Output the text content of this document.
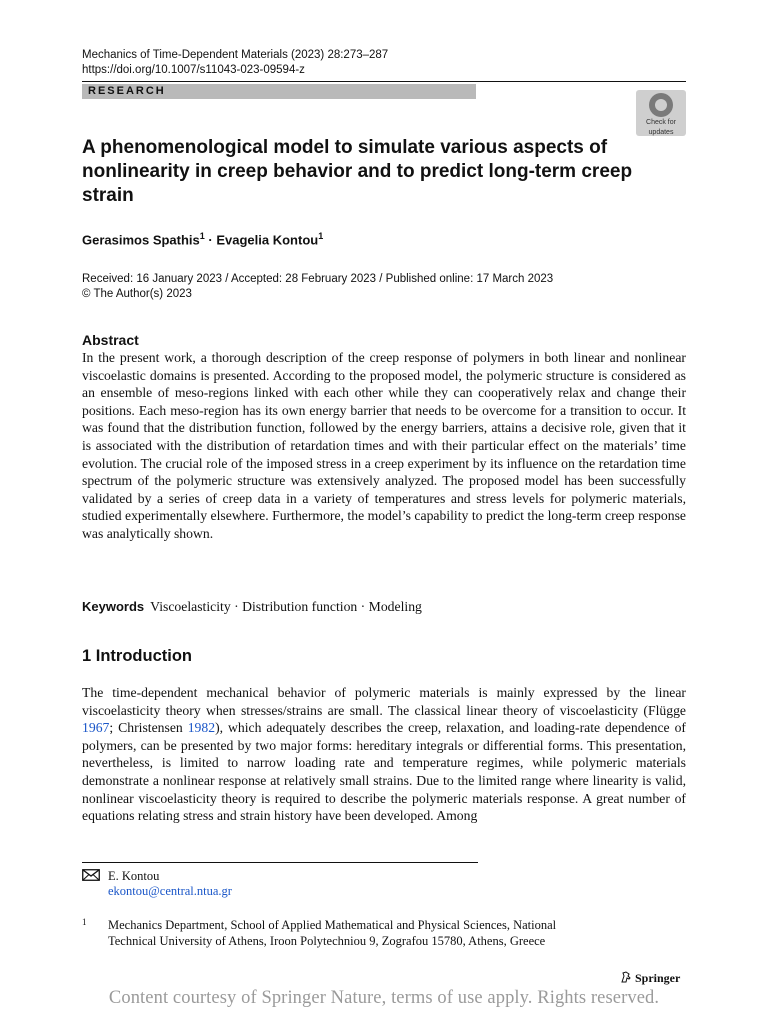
Mechanics of Time-Dependent Materials (2023) 28:273–287
https://doi.org/10.1007/s11043-023-09594-z
RESEARCH
Check for
updates
A phenomenological model to simulate various aspects of nonlinearity in creep behavior and to predict long-term creep strain
Gerasimos Spathis$^1$ · Evagelia Kontou$^1$
Received: 16 January 2023 / Accepted: 28 February 2023 / Published online: 17 March 2023
© The Author(s) 2023
Abstract
In the present work, a thorough description of the creep response of polymers in both linear and nonlinear viscoelastic domains is presented. According to the proposed model, the polymeric structure is considered as an ensemble of meso-regions linked with each other while they can cooperatively relax and change their positions. Each meso-region has its own energy barrier that needs to be overcome for a transition to occur. It was found that the distribution function, followed by the energy barriers, attains a decisive role, given that it is associated with the distribution of retardation times and with their particular effect on the materials’ time evolution. The crucial role of the imposed stress in a creep experiment by its influence on the retardation time spectrum of the polymeric structure was extensively analyzed. The proposed model has been successfully validated by a series of creep data in a variety of temperatures and stress levels for polymeric materials, studied experimentally elsewhere. Furthermore, the model’s capability to predict the long-term creep response was analytically shown.
Keywords Viscoelasticity · Distribution function · Modeling
1 Introduction
The time-dependent mechanical behavior of polymeric materials is mainly expressed by the linear viscoelasticity theory when stresses/strains are small. The classical linear theory of viscoelasticity (Flügge 1967; Christensen 1982), which adequately describes the creep, relaxation, and loading-rate dependence of polymers, can be presented by two major forms: hereditary integrals or differential forms. This presentation, nevertheless, is limited to narrow loading rate and temperature regimes, while polymeric materials demonstrate a nonlinear response at relatively small strains. Due to the limited range where linearity is valid, nonlinear viscoelasticity theory is required to describe the polymeric materials response. A great number of equations relating stress and strain history have been developed. Among
E. Kontou
ekontou@central.ntua.gr
1 Mechanics Department, School of Applied Mathematical and Physical Sciences, National
Technical University of Athens, Iroon Polytechniou 9, Zografou 15780, Athens, Greece
Springer
Content courtesy of Springer Nature, terms of use apply. Rights reserved.
